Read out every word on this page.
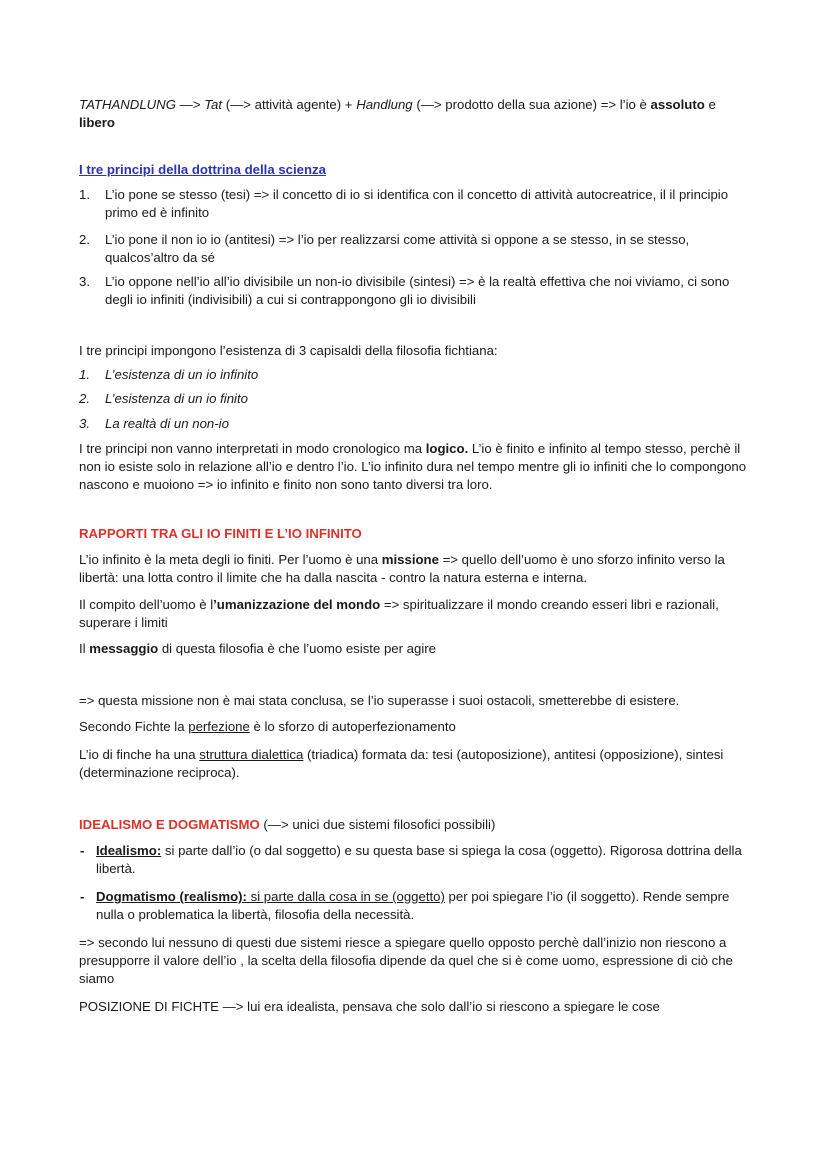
TATHANDLUNG —> Tat (—> attività agente) + Handlung (—> prodotto della sua azione) => l’io è assoluto e
libero

I tre principi della dottrina della scienza

1.	L’io pone se stesso (tesi) => il concetto di io si identifica con il concetto di attività autocreatrice, il il principio primo ed è infinito

2.	L’io pone il non io io (antitesi) => l’io per realizzarsi come attività si oppone a se stesso, in se stesso, qualcos’altro da sé

3.	L’io oppone nell’io all’io divisibile un non-io divisibile (sintesi) => è la realtà effettiva che noi viviamo, ci sono degli io infiniti (indivisibili) a cui si contrappongono gli io divisibili

I tre principi impongono l’esistenza di 3 capisaldi della filosofia fichtiana:

1.	L’esistenza di un io infinito

2.	L’esistenza di un io finito

3.	La realtà di un non-io

I tre principi non vanno interpretati in modo cronologico ma logico. L’io è finito e infinito al tempo stesso, perchè il non io esiste solo in relazione all’io e dentro l’io. L’io infinito dura nel tempo mentre gli io infiniti che lo compongono nascono e muoiono => io infinito e finito non sono tanto diversi tra loro.

RAPPORTI TRA GLI IO FINITI E L’IO INFINITO

L’io infinito è la meta degli io finiti. Per l’uomo è una missione => quello dell’uomo è uno sforzo infinito verso la libertà: una lotta contro il limite che ha dalla nascita - contro la natura esterna e interna.

Il compito dell’uomo è l’umanizzazione del mondo => spiritualizzare il mondo creando esseri libri e razionali, superare i limiti

Il messaggio di questa filosofia è che l’uomo esiste per agire

=> questa missione non è mai stata conclusa, se l’io superasse i suoi ostacoli, smetterebbe di esistere.

Secondo Fichte la perfezione è lo sforzo di autoperfezionamento

L’io di finche ha una struttura dialettica (triadica) formata da: tesi (autoposizione), antitesi (opposizione), sintesi (determinazione reciproca).

IDEALISMO E DOGMATISMO (—> unici due sistemi filosofici possibili)

- Idealismo: si parte dall’io (o dal soggetto) e su questa base si spiega la cosa (oggetto). Rigorosa dottrina della libertà.

- Dogmatismo (realismo): si parte dalla cosa in se (oggetto) per poi spiegare l’io (il soggetto). Rende sempre nulla o problematica la libertà, filosofia della necessità.

=> secondo lui nessuno di questi due sistemi riesce a spiegare quello opposto perchè dall’inizio non riescono a presupporre il valore dell’io , la scelta della filosofia dipende da quel che si è come uomo, espressione di ciò che siamo

POSIZIONE DI FICHTE —> lui era idealista, pensava che solo dall’io si riescono a spiegare le cose
